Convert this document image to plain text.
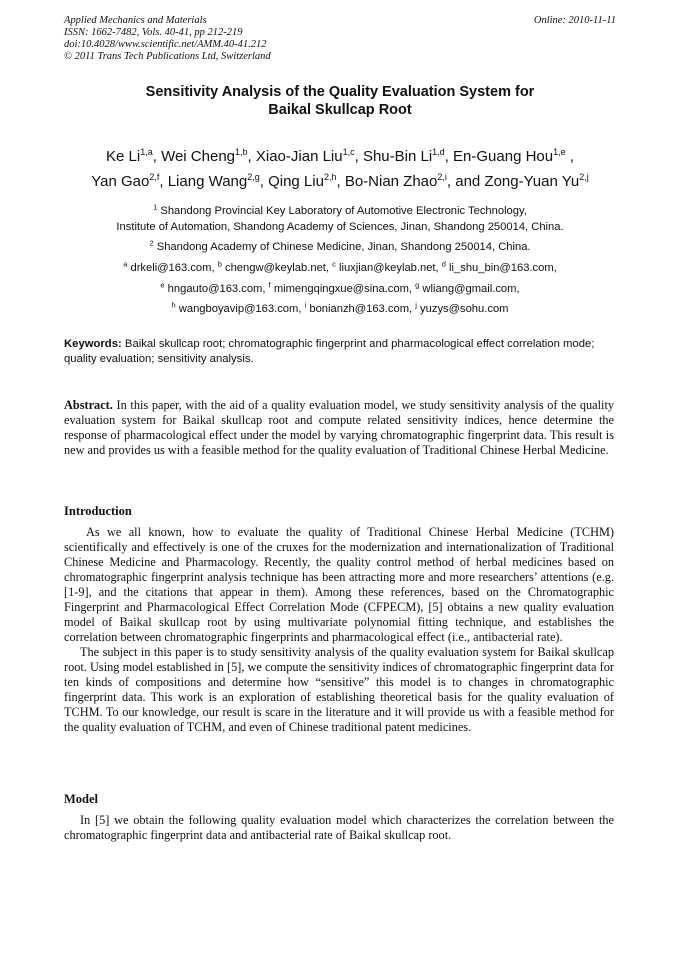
Applied Mechanics and Materials
ISSN: 1662-7482, Vols. 40-41, pp 212-219
doi:10.4028/www.scientific.net/AMM.40-41.212
© 2011 Trans Tech Publications Ltd, Switzerland
Online: 2010-11-11
Sensitivity Analysis of the Quality Evaluation System for
Baikal Skullcap Root
Ke Li$^{1,a}$, Wei Cheng$^{1,b}$, Xiao-Jian Liu$^{1,c}$, Shu-Bin Li$^{1,d}$, En-Guang Hou$^{1,e}$ ,
Yan Gao$^{2,f}$, Liang Wang$^{2,g}$, Qing Liu$^{2,h}$, Bo-Nian Zhao$^{2,i}$, and Zong-Yuan Yu$^{2,j}$
$^1$ Shandong Provincial Key Laboratory of Automotive Electronic Technology,
Institute of Automation, Shandong Academy of Sciences, Jinan, Shandong 250014, China.
$^2$ Shandong Academy of Chinese Medicine, Jinan, Shandong 250014, China.
$^a$ drkeli@163.com, $^b$ chengw@keylab.net, $^c$ liuxjian@keylab.net, $^d$ li_shu_bin@163.com,
$^e$ hngauto@163.com, $^f$ mimengqingxue@sina.com, $^g$ wliang@gmail.com,
$^h$ wangboyavip@163.com, $^i$ bonianzh@163.com, $^j$ yuzys@sohu.com
Keywords: Baikal skullcap root; chromatographic fingerprint and pharmacological effect correlation mode; quality evaluation; sensitivity analysis.
Abstract. In this paper, with the aid of a quality evaluation model, we study sensitivity analysis of the quality evaluation system for Baikal skullcap root and compute related sensitivity indices, hence determine the response of pharmacological effect under the model by varying chromatographic fingerprint data. This result is new and provides us with a feasible method for the quality evaluation of Traditional Chinese Herbal Medicine.
Introduction

As we all known, how to evaluate the quality of Traditional Chinese Herbal Medicine (TCHM) scientifically and effectively is one of the cruxes for the modernization and internationalization of Traditional Chinese Medicine and Pharmacology. Recently, the quality control method of herbal medicines based on chromatographic fingerprint analysis technique has been attracting more and more researchers’ attentions (e.g. [1-9], and the citations that appear in them). Among these references, based on the Chromatographic Fingerprint and Pharmacological Effect Correlation Mode (CFPECM), [5] obtains a new quality evaluation model of Baikal skullcap root by using multivariate polynomial fitting technique, and establishes the correlation between chromatographic fingerprints and pharmacological effect (i.e., antibacterial rate).

The subject in this paper is to study sensitivity analysis of the quality evaluation system for Baikal skullcap root. Using model established in [5], we compute the sensitivity indices of chromatographic fingerprint data for ten kinds of compositions and determine how “sensitive” this model is to changes in chromatographic fingerprint data. This work is an exploration of establishing theoretical basis for the quality evaluation of TCHM. To our knowledge, our result is scare in the literature and it will provide us with a feasible method for the quality evaluation of TCHM, and even of Chinese traditional patent medicines.

Model

In [5] we obtain the following quality evaluation model which characterizes the correlation between the chromatographic fingerprint data and antibacterial rate of Baikal skullcap root.
